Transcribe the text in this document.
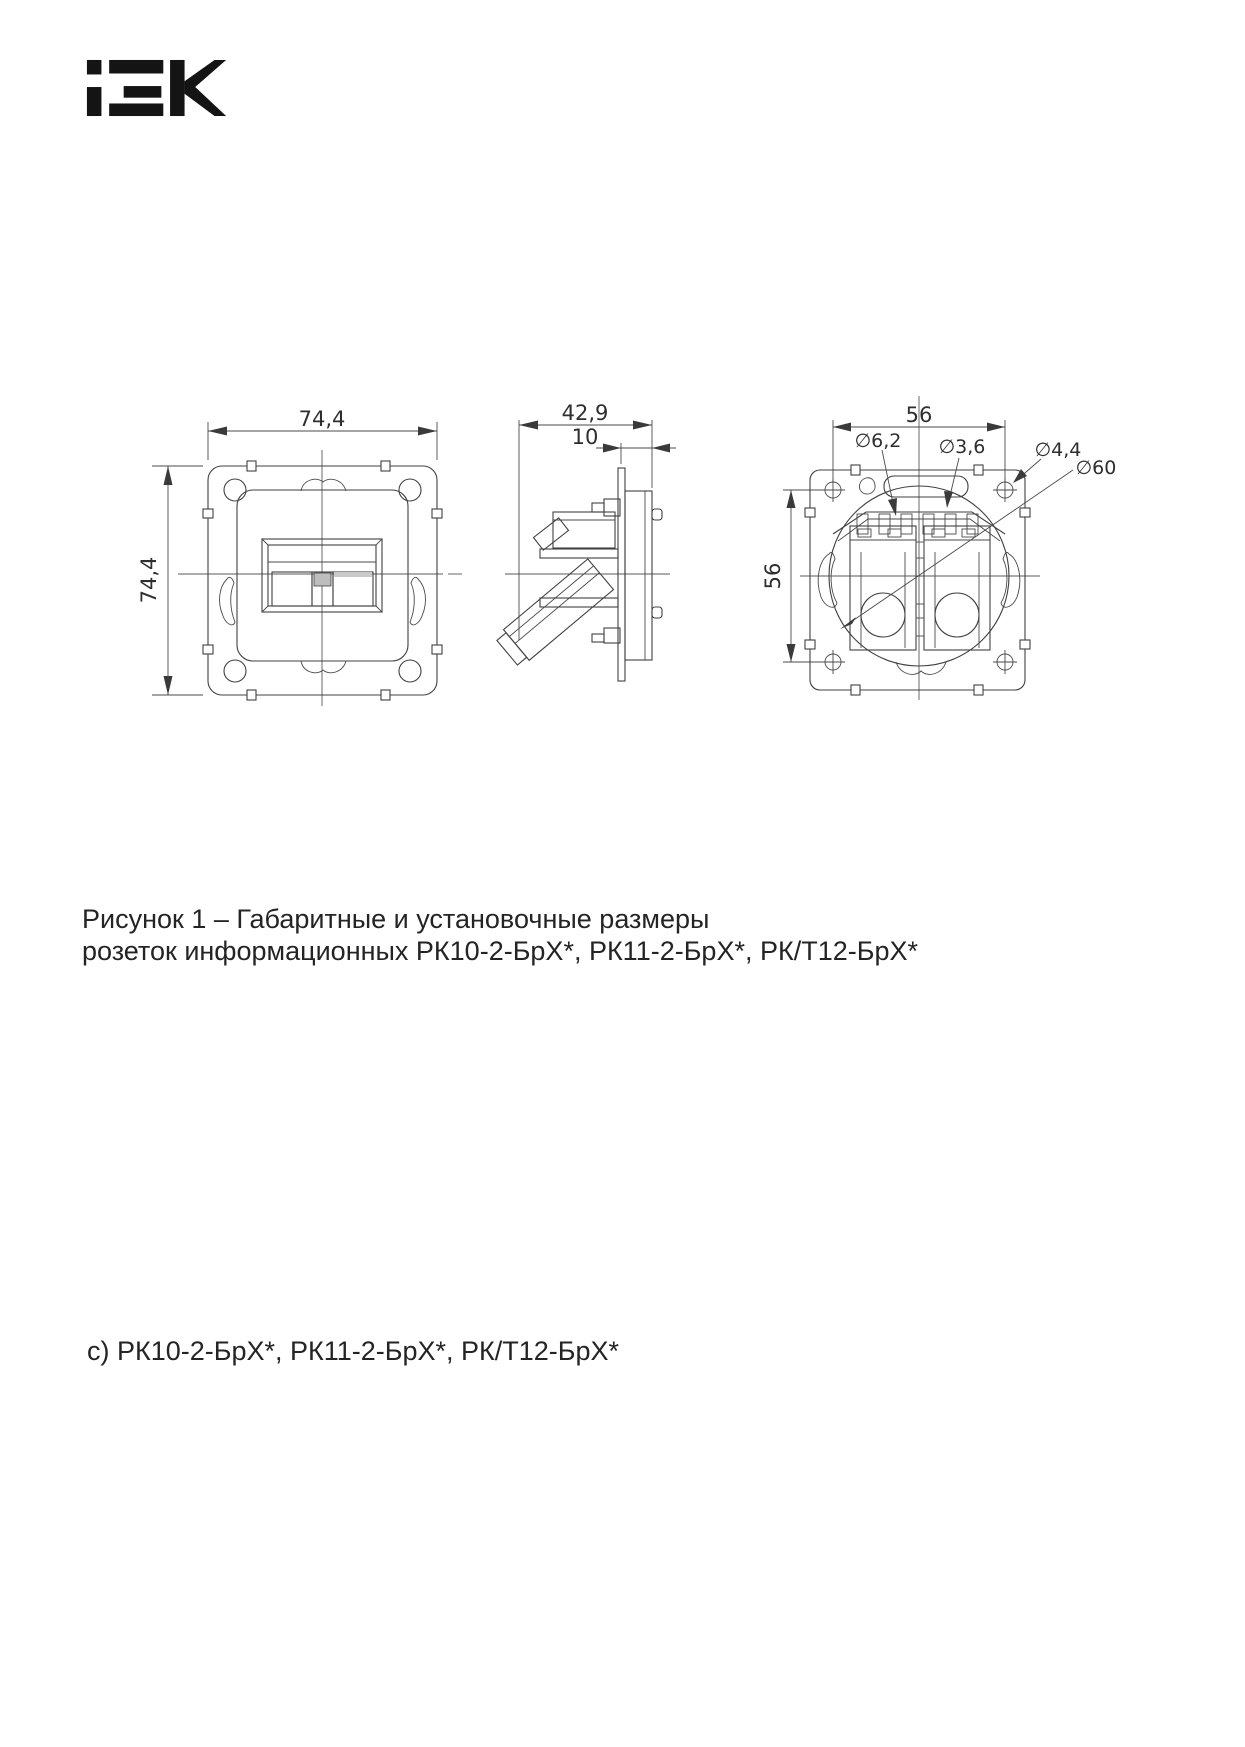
74,4
74,4
42,9
10
56
56
∅6,2 ∅3,6	∅4,4
∅60
Рисунок 1 – Габаритные и установочные размеры
розеток информационных РК10-2-БрХ*, РК11-2-БрХ*, РК/Т12-БрХ*
с) РК10-2-БрХ*, РК11-2-БрХ*, РК/Т12-БрХ*
